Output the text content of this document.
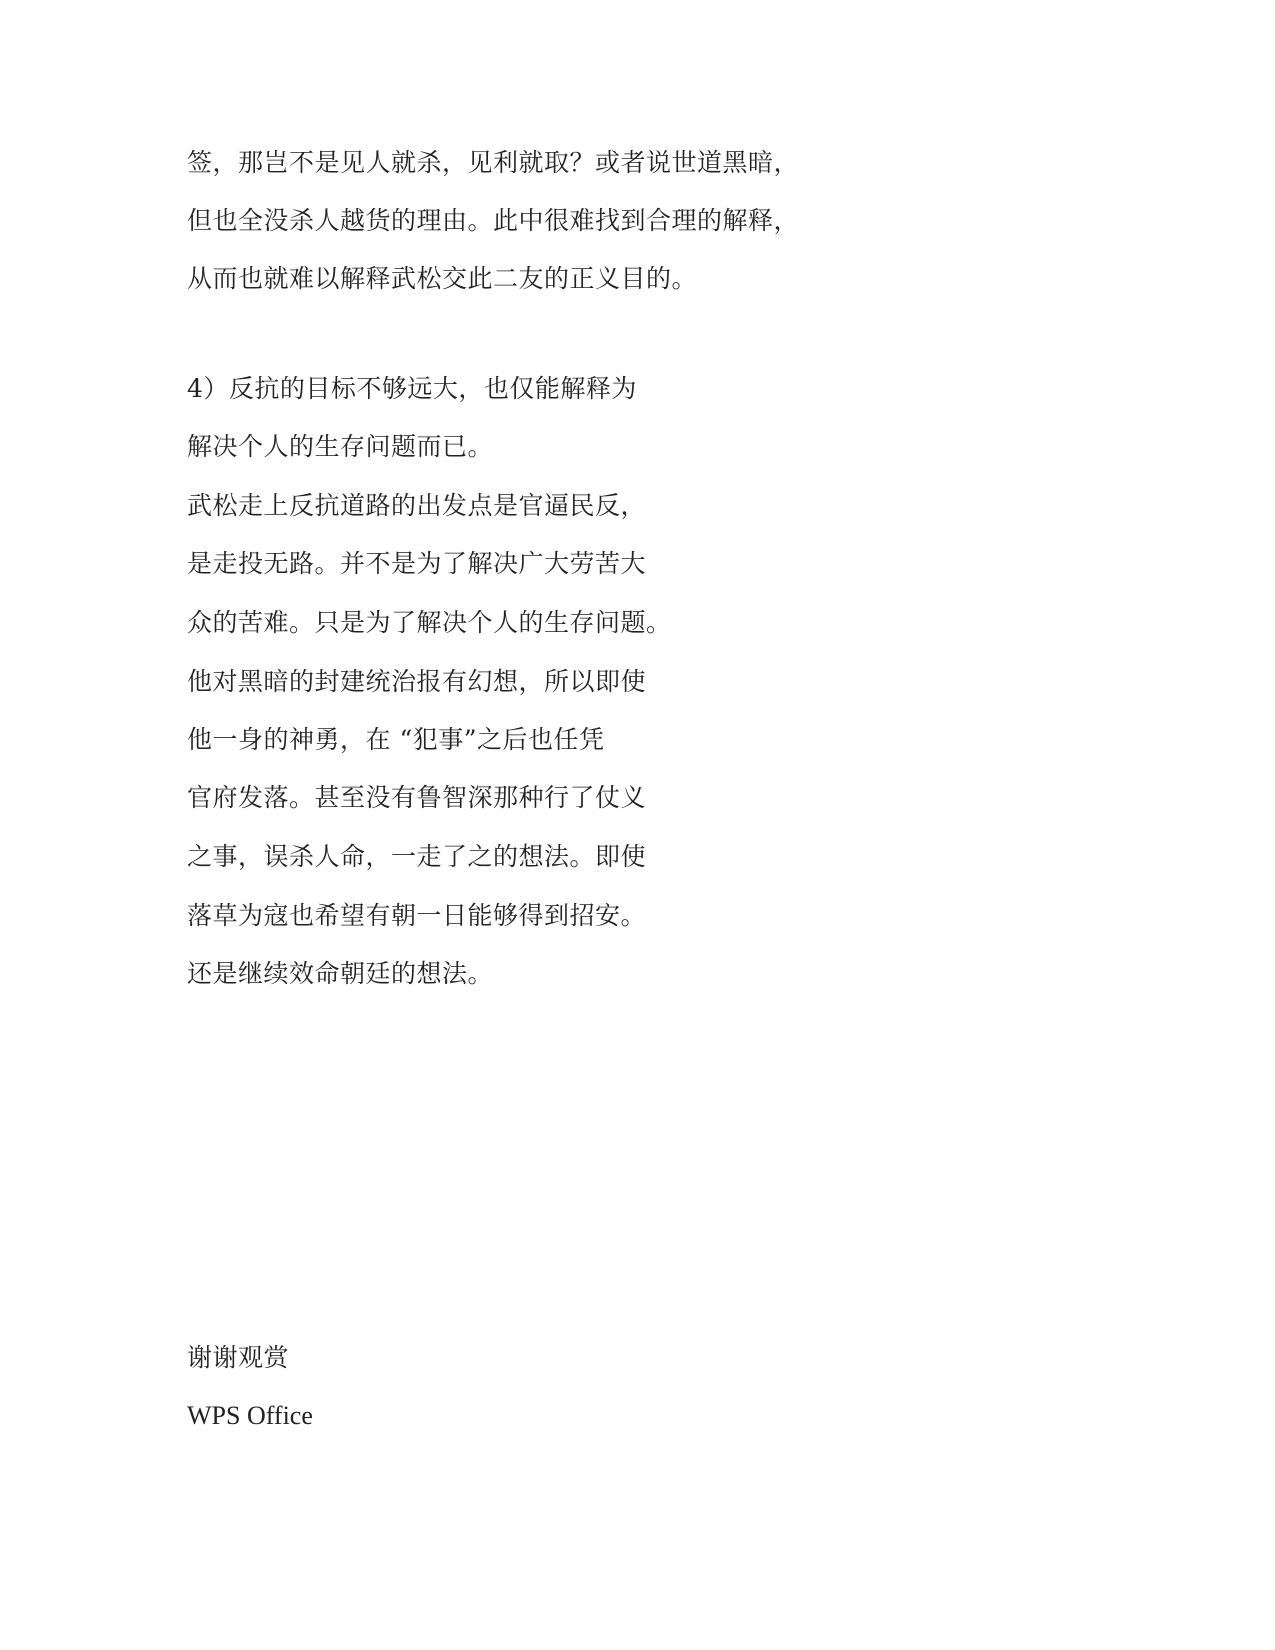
签，那岂不是见人就杀，见利就取？或者说世道黑暗，
但也全没杀人越货的理由。此中很难找到合理的解释，
从而也就难以解释武松交此二友的正义目的。
4）反抗的目标不够远大，也仅能解释为
解决个人的生存问题而已。
武松走上反抗道路的出发点是官逼民反，
是走投无路。并不是为了解决广大劳苦大
众的苦难。只是为了解决个人的生存问题。
他对黑暗的封建统治报有幻想，所以即使
他一身的神勇，在 “犯事”之后也任凭
官府发落。甚至没有鲁智深那种行了仗义
之事，误杀人命，一走了之的想法。即使
落草为寇也希望有朝一日能够得到招安。
还是继续效命朝廷的想法。
谢谢观赏
WPS Office
